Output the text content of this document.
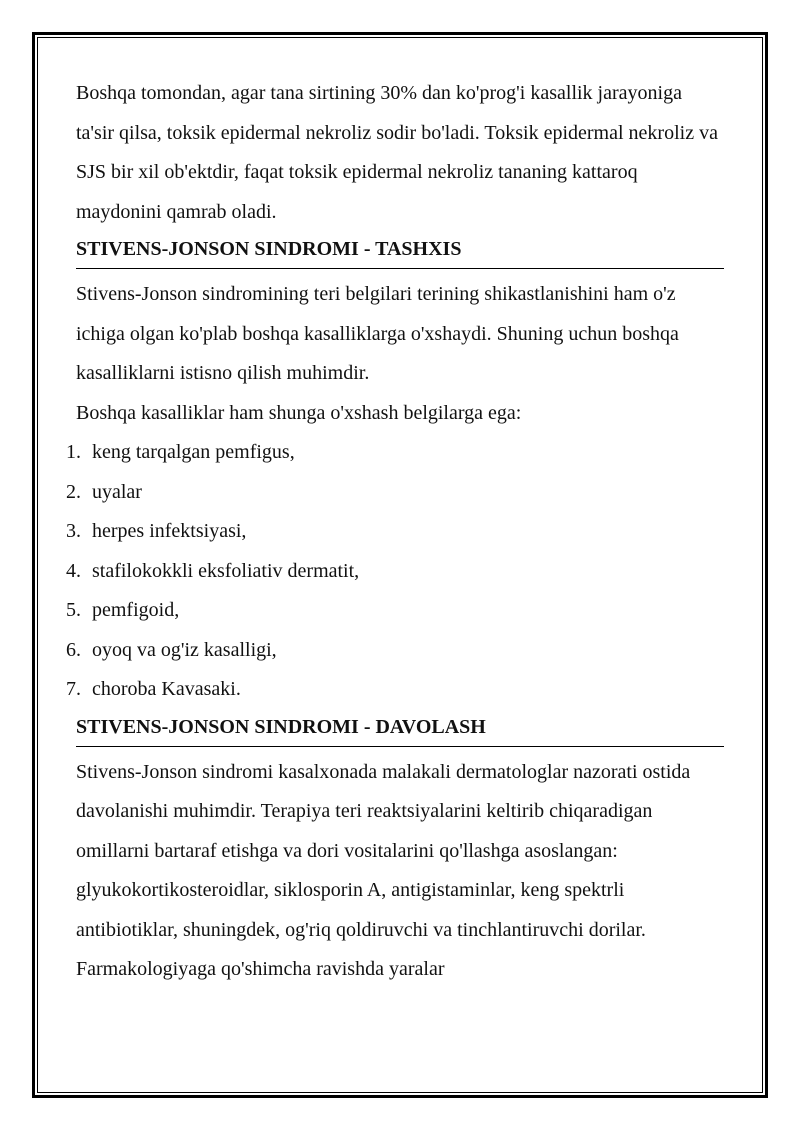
Boshqa tomondan, agar tana sirtining 30% dan ko'prog'i kasallik jarayoniga ta'sir qilsa, toksik epidermal nekroliz sodir bo'ladi. Toksik epidermal nekroliz va SJS bir xil ob'ektdir, faqat toksik epidermal nekroliz tananing kattaroq maydonini qamrab oladi.

STIVENS-JONSON SINDROMI - TASHXIS

Stivens-Jonson sindromining teri belgilari terining shikastlanishini ham o'z ichiga olgan ko'plab boshqa kasalliklarga o'xshaydi. Shuning uchun boshqa kasalliklarni istisno qilish muhimdir.

Boshqa kasalliklar ham shunga o'xshash belgilarga ega:

1. keng tarqalgan pemfigus,
2. uyalar
3. herpes infektsiyasi,
4. stafilokokkli eksfoliativ dermatit,
5. pemfigoid,
6. oyoq va og'iz kasalligi,
7. choroba Kavasaki.
STIVENS-JONSON SINDROMI - DAVOLASH

Stivens-Jonson sindromi kasalxonada malakali dermatologlar nazorati ostida davolanishi muhimdir. Terapiya teri reaktsiyalarini keltirib chiqaradigan omillarni bartaraf etishga va dori vositalarini qo'llashga asoslangan: glyukokortikosteroidlar, siklosporin A, antigistaminlar, keng spektrli antibiotiklar, shuningdek, og'riq qoldiruvchi va tinchlantiruvchi dorilar. Farmakologiyaga qo'shimcha ravishda yaralar
